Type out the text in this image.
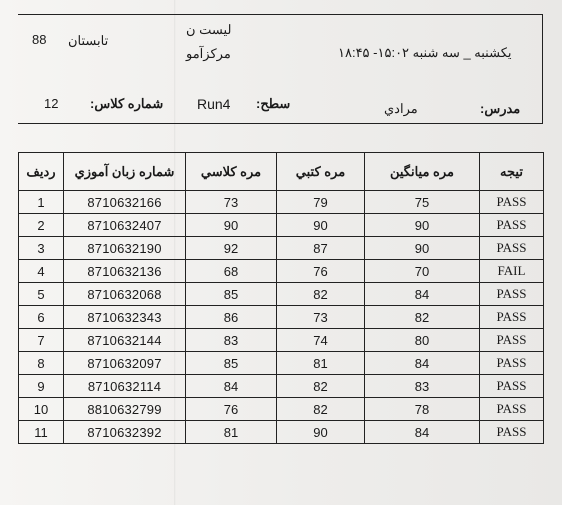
88 تابستان
لیست ن
مرکزآمو	يکشنبه _ سه شنبه ۱۵:۰۲- ۱۸:۴۵
12 شماره كلاس: Run4 سطح:	مرادي	مدرس:
ردیف	شماره زبان آموزي	مره كلاسي	مره كتبي	مره ميانگين	تيجه
1	8710632166	73	79	75	PASS
2	8710632407	90	90	90	PASS
3	8710632190	92	87	90	PASS
4	8710632136	68	76	70	FAIL
5	8710632068	85	82	84	PASS
6	8710632343	86	73	82	PASS
7	8710632144	83	74	80	PASS
8	8710632097	85	81	84	PASS
9	8710632114	84	82	83	PASS
10	8810632799	76	82	78	PASS
11	8710632392	81	90	84	PASS
